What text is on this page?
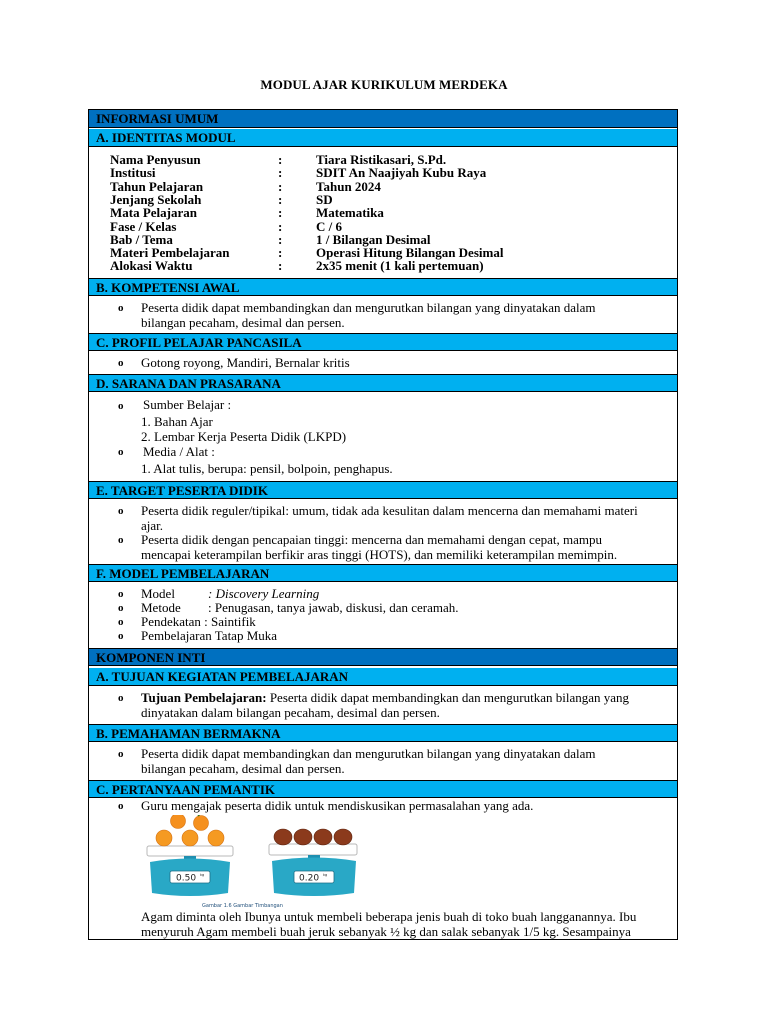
MODUL AJAR KURIKULUM MERDEKA
INFORMASI UMUM
A. IDENTITAS MODUL
Nama Penyusun	:	Tiara Ristikasari, S.Pd.
Institusi	:	SDIT An Naajiyah Kubu Raya
Tahun Pelajaran	:	Tahun 2024
Jenjang Sekolah	:	SD
Mata Pelajaran	:	Matematika
Fase / Kelas	:	C / 6
Bab / Tema	:	1 / Bilangan Desimal
Materi Pembelajaran	:	Operasi Hitung Bilangan Desimal
Alokasi Waktu	:	2x35 menit (1 kali pertemuan)
B. KOMPETENSI AWAL
o Peserta didik dapat membandingkan dan mengurutkan bilangan yang dinyatakan dalam
bilangan pecaham, desimal dan persen.
C. PROFIL PELAJAR PANCASILA
o Gotong royong, Mandiri, Bernalar kritis
D. SARANA DAN PRASARANA
o Sumber Belajar :
1. Bahan Ajar
2. Lembar Kerja Peserta Didik (LKPD)
o Media / Alat :
1. Alat tulis, berupa: pensil, bolpoin, penghapus.
E. TARGET PESERTA DIDIK
o Peserta didik reguler/tipikal: umum, tidak ada kesulitan dalam mencerna dan memahami materi
ajar.
o Peserta didik dengan pencapaian tinggi: mencerna dan memahami dengan cepat, mampu
mencapai keterampilan berfikir aras tinggi (HOTS), dan memiliki keterampilan memimpin.
F. MODEL PEMBELAJARAN
o Model	: Discovery Learning
o Metode : Penugasan, tanya jawab, diskusi, dan ceramah.
o Pendekatan : Saintifik
o Pembelajaran Tatap Muka
KOMPONEN INTI
A. TUJUAN KEGIATAN PEMBELAJARAN
o Tujuan Pembelajaran: Peserta didik dapat membandingkan dan mengurutkan bilangan yang
dinyatakan dalam bilangan pecaham, desimal dan persen.
B. PEMAHAMAN BERMAKNA
o Peserta didik dapat membandingkan dan mengurutkan bilangan yang dinyatakan dalam
bilangan pecaham, desimal dan persen.
C. PERTANYAAN PEMANTIK
o Guru mengajak peserta didik untuk mendiskusikan permasalahan yang ada.
0.50 kg	0.20 kg
Gambar 1.6 Gambar Timbangan
Agam diminta oleh Ibunya untuk membeli beberapa jenis buah di toko buah langganannya. Ibu
menyuruh Agam membeli buah jeruk sebanyak ½ kg dan salak sebanyak 1/5 kg. Sesampainya
